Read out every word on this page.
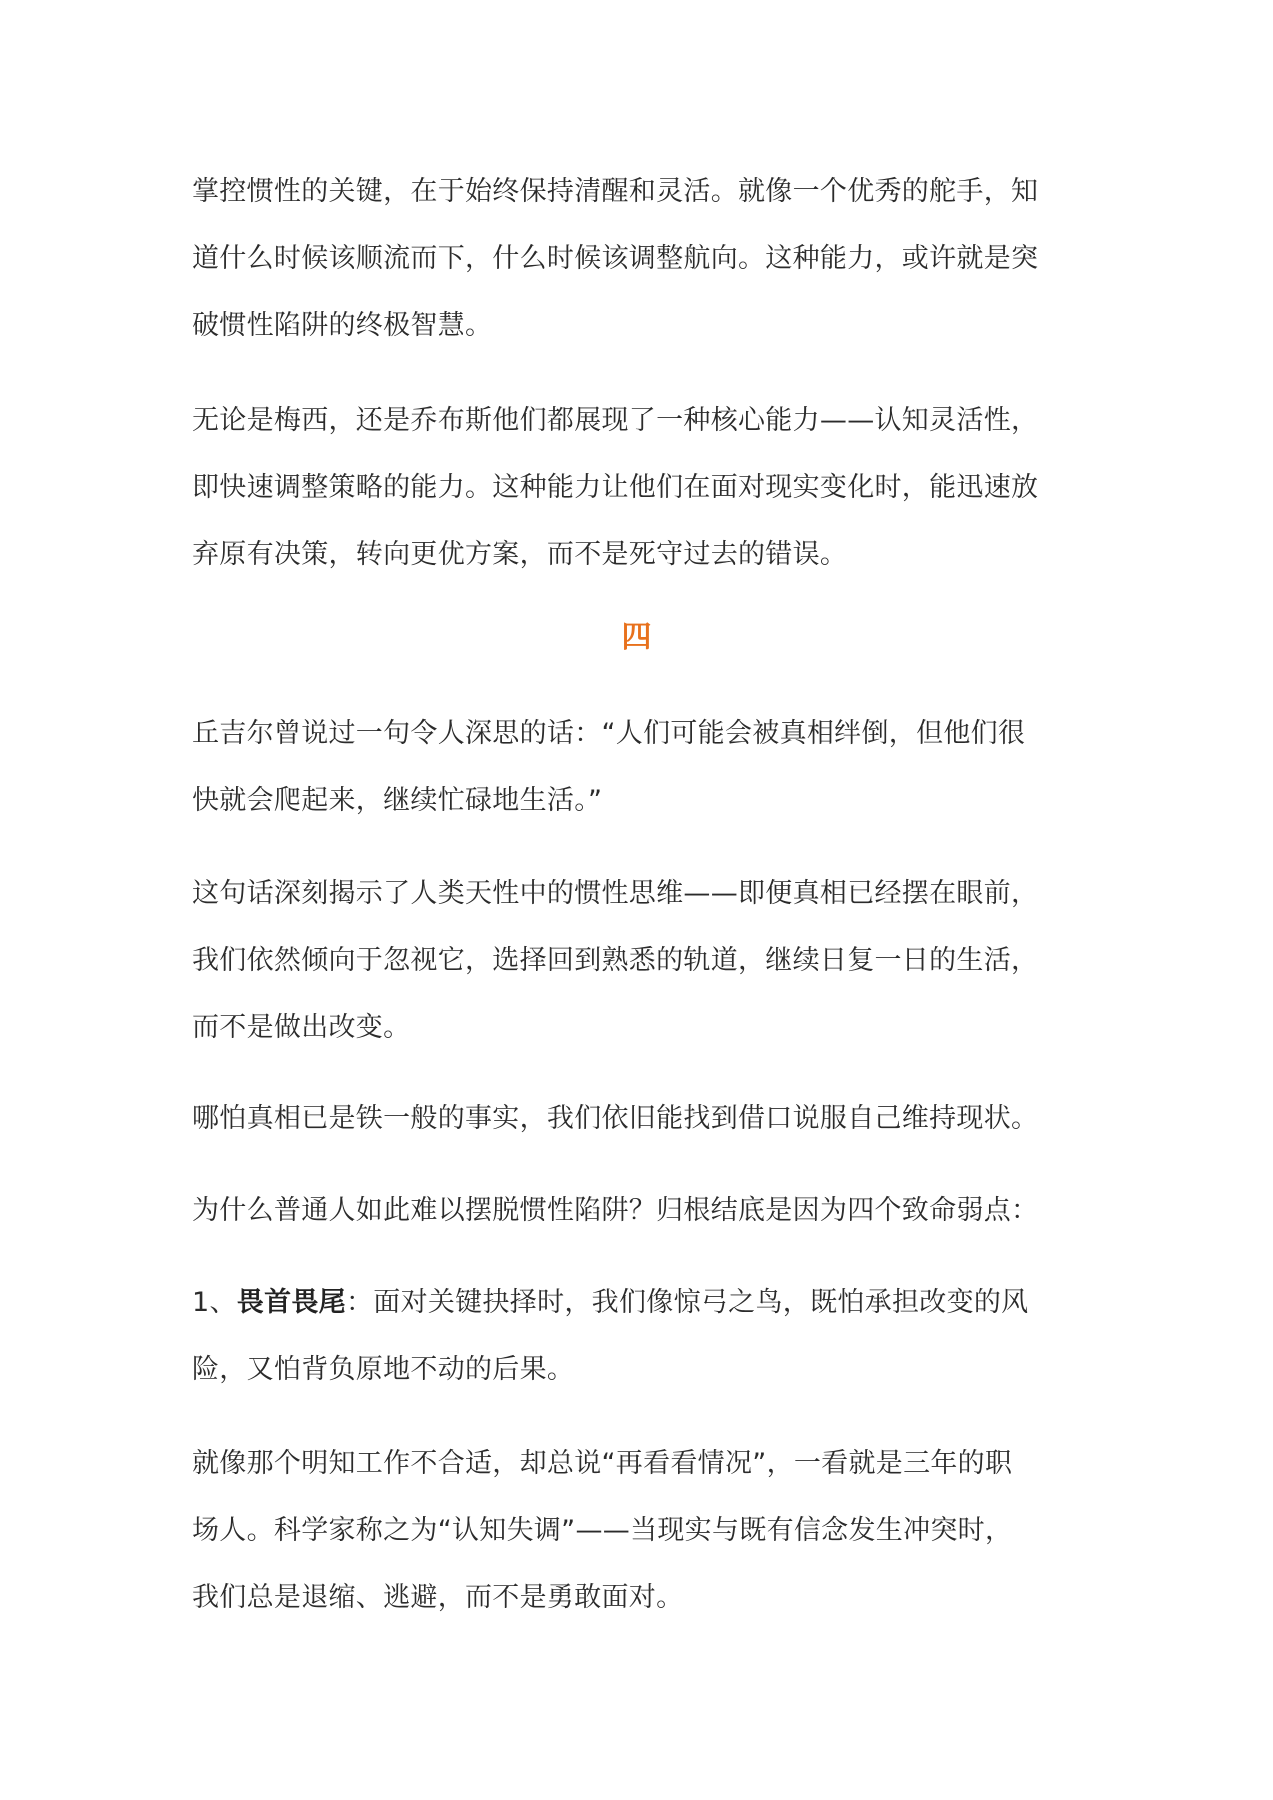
掌控惯性的关键，在于始终保持清醒和灵活。就像一个优秀的舵手，知
道什么时候该顺流而下，什么时候该调整航向。这种能力，或许就是突
破惯性陷阱的终极智慧。

无论是梅西，还是乔布斯他们都展现了一种核心能力——认知灵活性，
即快速调整策略的能力。这种能力让他们在面对现实变化时，能迅速放
弃原有决策，转向更优方案，而不是死守过去的错误。

四

丘吉尔曾说过一句令人深思的话：“人们可能会被真相绊倒，但他们很
快就会爬起来，继续忙碌地生活。”

这句话深刻揭示了人类天性中的惯性思维——即便真相已经摆在眼前，
我们依然倾向于忽视它，选择回到熟悉的轨道，继续日复一日的生活，
而不是做出改变。

哪怕真相已是铁一般的事实，我们依旧能找到借口说服自己维持现状。

为什么普通人如此难以摆脱惯性陷阱？归根结底是因为四个致命弱点：

1、畏首畏尾：面对关键抉择时，我们像惊弓之鸟，既怕承担改变的风
险，又怕背负原地不动的后果。

就像那个明知工作不合适，却总说“再看看情况”，一看就是三年的职
场人。科学家称之为“认知失调”——当现实与既有信念发生冲突时，
我们总是退缩、逃避，而不是勇敢面对。
